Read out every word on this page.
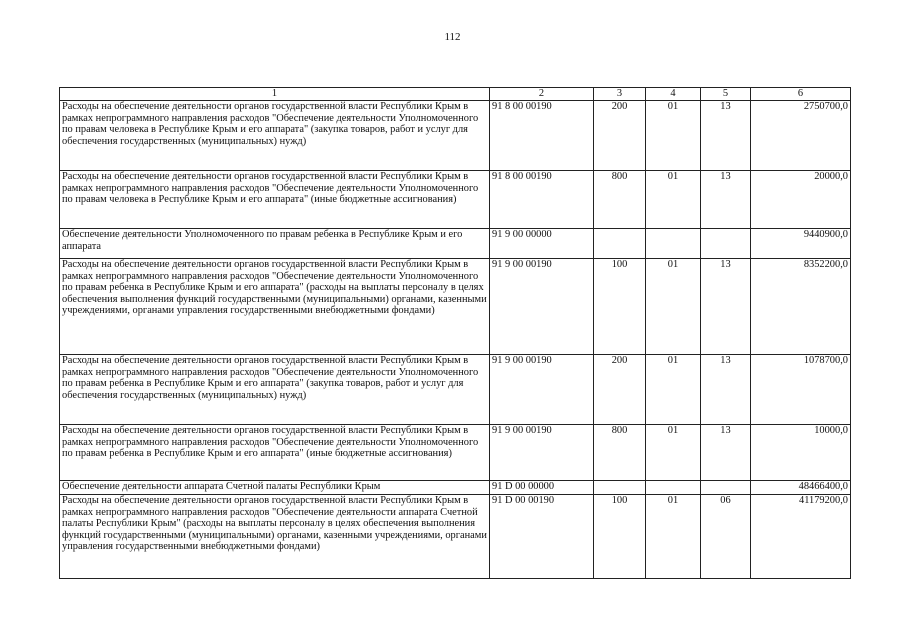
112
1	2	3	4	5	6
Расходы на обеспечение деятельности органов государственной власти Республики Крым в рамках непрограммного направления расходов "Обеспечение деятельности Уполномоченного по правам человека в Республике Крым и его аппарата" (закупка товаров, работ и услуг для обеспечения государственных (муниципальных) нужд)	91 8 00 00190	200	01	13	2750700,0
Расходы на обеспечение деятельности органов государственной власти Республики Крым в рамках непрограммного направления расходов "Обеспечение деятельности Уполномоченного по правам человека в Республике Крым и его аппарата" (иные бюджетные ассигнования)	91 8 00 00190	800	01	13	20000,0
Обеспечение деятельности Уполномоченного по правам ребенка в Республике Крым и его аппарата	91 9 00 00000				9440900,0
Расходы на обеспечение деятельности органов государственной власти Республики Крым в рамках непрограммного направления расходов "Обеспечение деятельности Уполномоченного по правам ребенка в Республике Крым и его аппарата" (расходы на выплаты персоналу в целях обеспечения выполнения функций государственными (муниципальными) органами, казенными учреждениями, органами управления государственными внебюджетными фондами)	91 9 00 00190	100	01	13	8352200,0
Расходы на обеспечение деятельности органов государственной власти Республики Крым в рамках непрограммного направления расходов "Обеспечение деятельности Уполномоченного по правам ребенка в Республике Крым и его аппарата" (закупка товаров, работ и услуг для обеспечения государственных (муниципальных) нужд)	91 9 00 00190	200	01	13	1078700,0
Расходы на обеспечение деятельности органов государственной власти Республики Крым в рамках непрограммного направления расходов "Обеспечение деятельности Уполномоченного по правам ребенка в Республике Крым и его аппарата" (иные бюджетные ассигнования)	91 9 00 00190	800	01	13	10000,0
Обеспечение деятельности аппарата Счетной палаты Республики Крым	91 D 00 00000				48466400,0
Расходы на обеспечение деятельности органов государственной власти Республики Крым в рамках непрограммного направления расходов "Обеспечение деятельности аппарата Счетной палаты Республики Крым" (расходы на выплаты персоналу в целях обеспечения выполнения функций государственными (муниципальными) органами, казенными учреждениями, органами управления государственными внебюджетными фондами)	91 D 00 00190	100	01	06	41179200,0
